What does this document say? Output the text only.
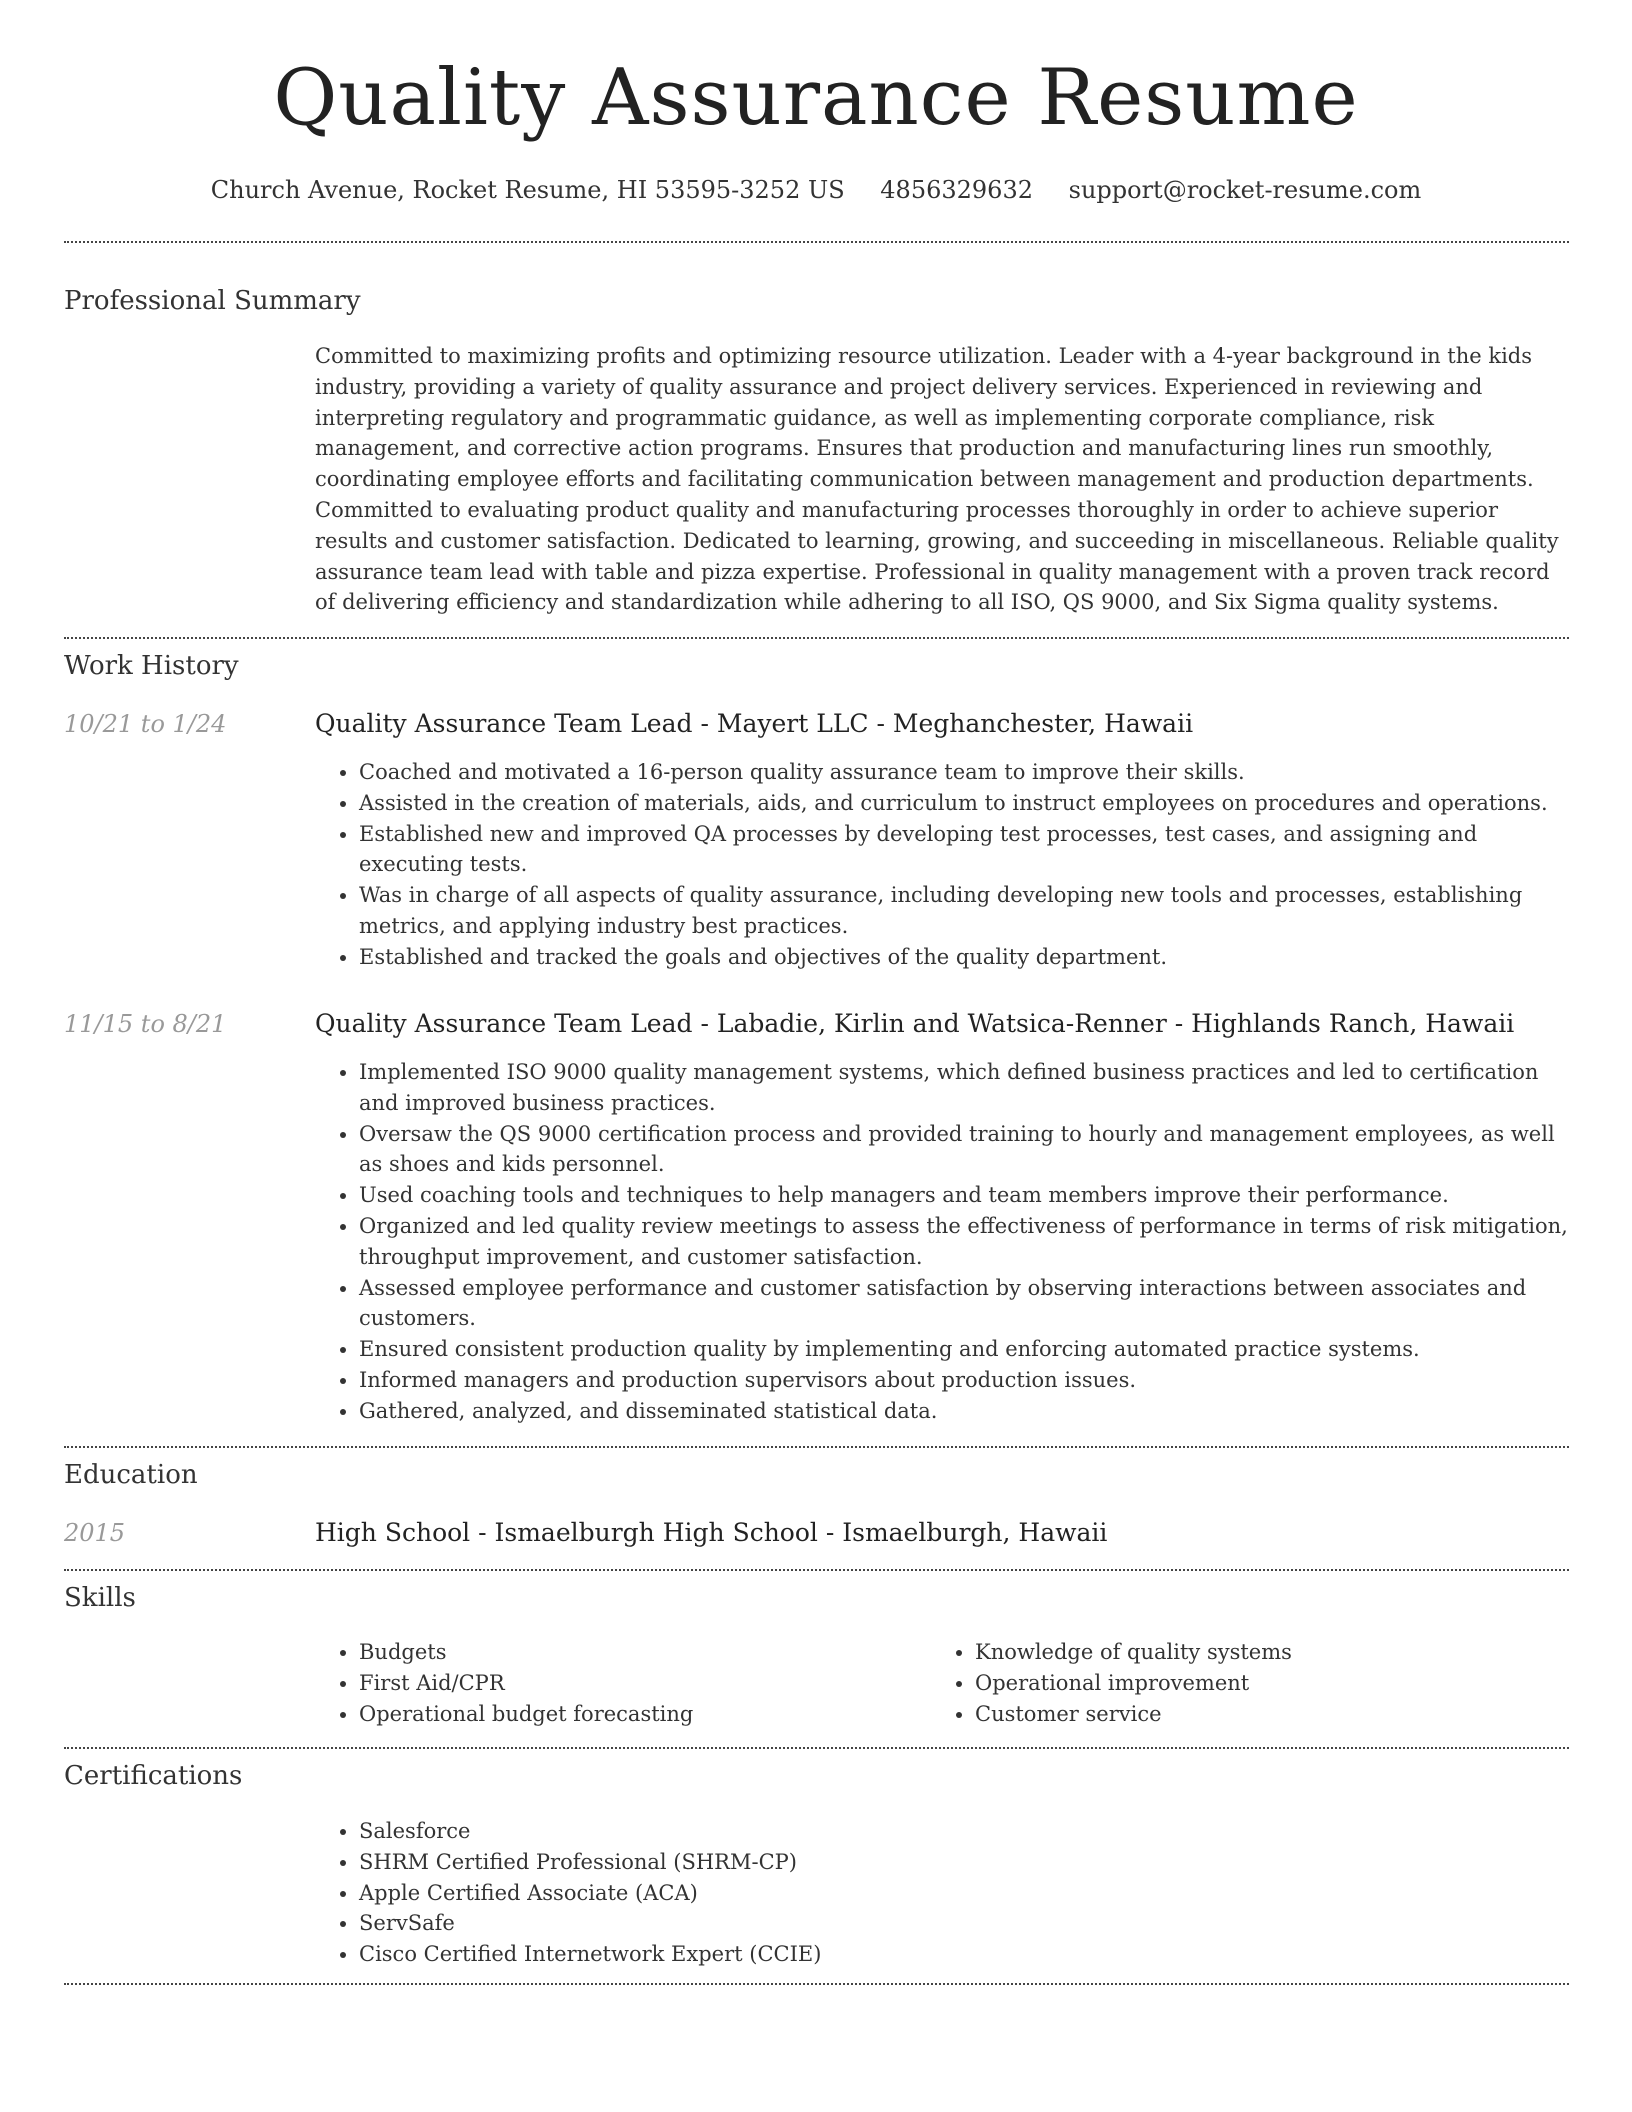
Quality Assurance Resume
Church Avenue, Rocket Resume, HI 53595-3252 US 4856329632 support@rocket-resume.com
Professional Summary

Committed to maximizing profits and optimizing resource utilization. Leader with a 4-year background in the kids industry, providing a variety of quality assurance and project delivery services. Experienced in reviewing and interpreting regulatory and programmatic guidance, as well as implementing corporate compliance, risk management, and corrective action programs. Ensures that production and manufacturing lines run smoothly, coordinating employee efforts and facilitating communication between management and production departments. Committed to evaluating product quality and manufacturing processes thoroughly in order to achieve superior results and customer satisfaction. Dedicated to learning, growing, and succeeding in miscellaneous. Reliable quality assurance team lead with table and pizza expertise. Professional in quality management with a proven track record of delivering efficiency and standardization while adhering to all ISO, QS 9000, and Six Sigma quality systems.

Work History
10/21 to 1/24	Quality Assurance Team Lead - Mayert LLC - Meghanchester, Hawaii
• Coached and motivated a 16-person quality assurance team to improve their skills.
• Assisted in the creation of materials, aids, and curriculum to instruct employees on procedures and operations.
• Established new and improved QA processes by developing test processes, test cases, and assigning and executing tests.
• Was in charge of all aspects of quality assurance, including developing new tools and processes, establishing metrics, and applying industry best practices.
• Established and tracked the goals and objectives of the quality department.
11/15 to 8/21	Quality Assurance Team Lead - Labadie, Kirlin and Watsica-Renner - Highlands Ranch, Hawaii
• Implemented ISO 9000 quality management systems, which defined business practices and led to certification and improved business practices.
• Oversaw the QS 9000 certification process and provided training to hourly and management employees, as well as shoes and kids personnel.
• Used coaching tools and techniques to help managers and team members improve their performance.
• Organized and led quality review meetings to assess the effectiveness of performance in terms of risk mitigation, throughput improvement, and customer satisfaction.
• Assessed employee performance and customer satisfaction by observing interactions between associates and customers.
• Ensured consistent production quality by implementing and enforcing automated practice systems.
• Informed managers and production supervisors about production issues.
• Gathered, analyzed, and disseminated statistical data.
Education
2015	High School - Ismaelburgh High School - Ismaelburgh, Hawaii
Skills
• Budgets
• First Aid/CPR
• Operational budget forecasting
• Knowledge of quality systems
• Operational improvement
• Customer service
Certifications
• Salesforce
• SHRM Certified Professional (SHRM-CP)
• Apple Certified Associate (ACA)
• ServSafe
• Cisco Certified Internetwork Expert (CCIE)
